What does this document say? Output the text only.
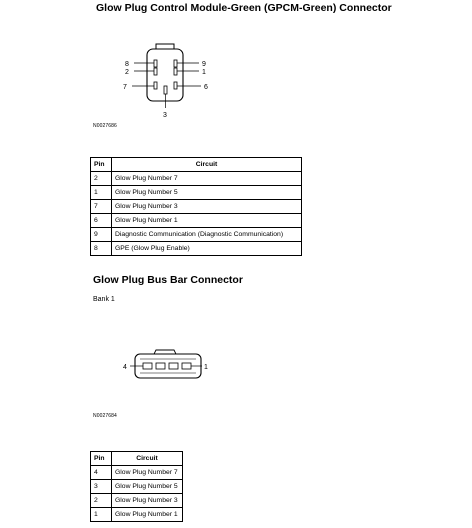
Glow Plug Control Module-Green (GPCM-Green) Connector
8
2
7
9
1
6
3
N0027686
Pin	Circuit
2	Glow Plug Number 7
1	Glow Plug Number 5
7	Glow Plug Number 3
6	Glow Plug Number 1
9	Diagnostic Communication (Diagnostic Communication)
8	GPE (Glow Plug Enable)
Glow Plug Bus Bar Connector
Bank 1
4	1
N0027684
Pin	Circuit
4	Glow Plug Number 7
3	Glow Plug Number 5
2	Glow Plug Number 3
1	Glow Plug Number 1
